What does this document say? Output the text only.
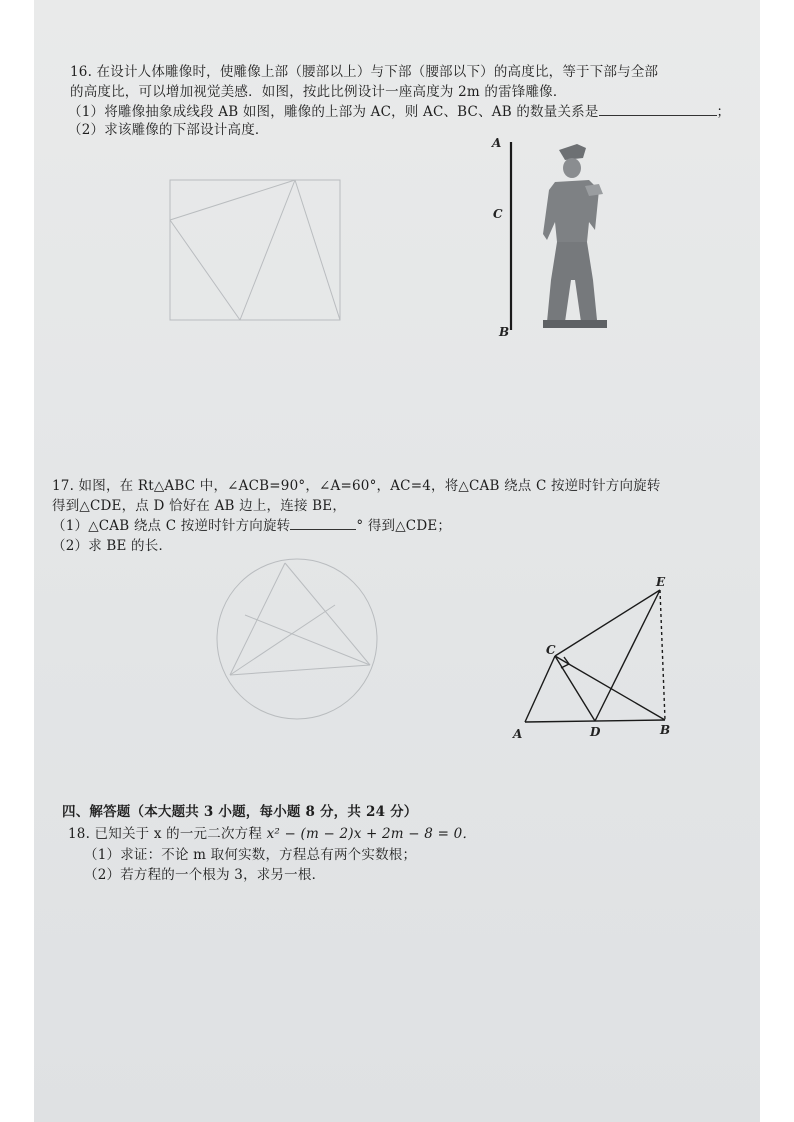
16. 在设计人体雕像时，使雕像上部（腰部以上）与下部（腰部以下）的高度比，等于下部与全部
的高度比，可以增加视觉美感．如图，按此比例设计一座高度为 2m 的雷锋雕像．
（1）将雕像抽象成线段 AB 如图，雕像的上部为 AC，则 AC、BC、AB 的数量关系是	；
（2）求该雕像的下部设计高度．
A
C
B
17. 如图，在 Rt△ABC 中，∠ACB=90°，∠A=60°，AC=4，将△CAB 绕点 C 按逆时针方向旋转
得到△CDE，点 D 恰好在 AB 边上，连接 BE，
（1）△CAB 绕点 C 按逆时针方向旋转	° 得到△CDE；
（2）求 BE 的长．
A	B
C
D
E
四、解答题（本大题共 3 小题，每小题 8 分，共 24 分）
18. 已知关于 x 的一元二次方程 x² − (m − 2)x + 2m − 8 = 0．
（1）求证：不论 m 取何实数，方程总有两个实数根；
（2）若方程的一个根为 3，求另一根．
